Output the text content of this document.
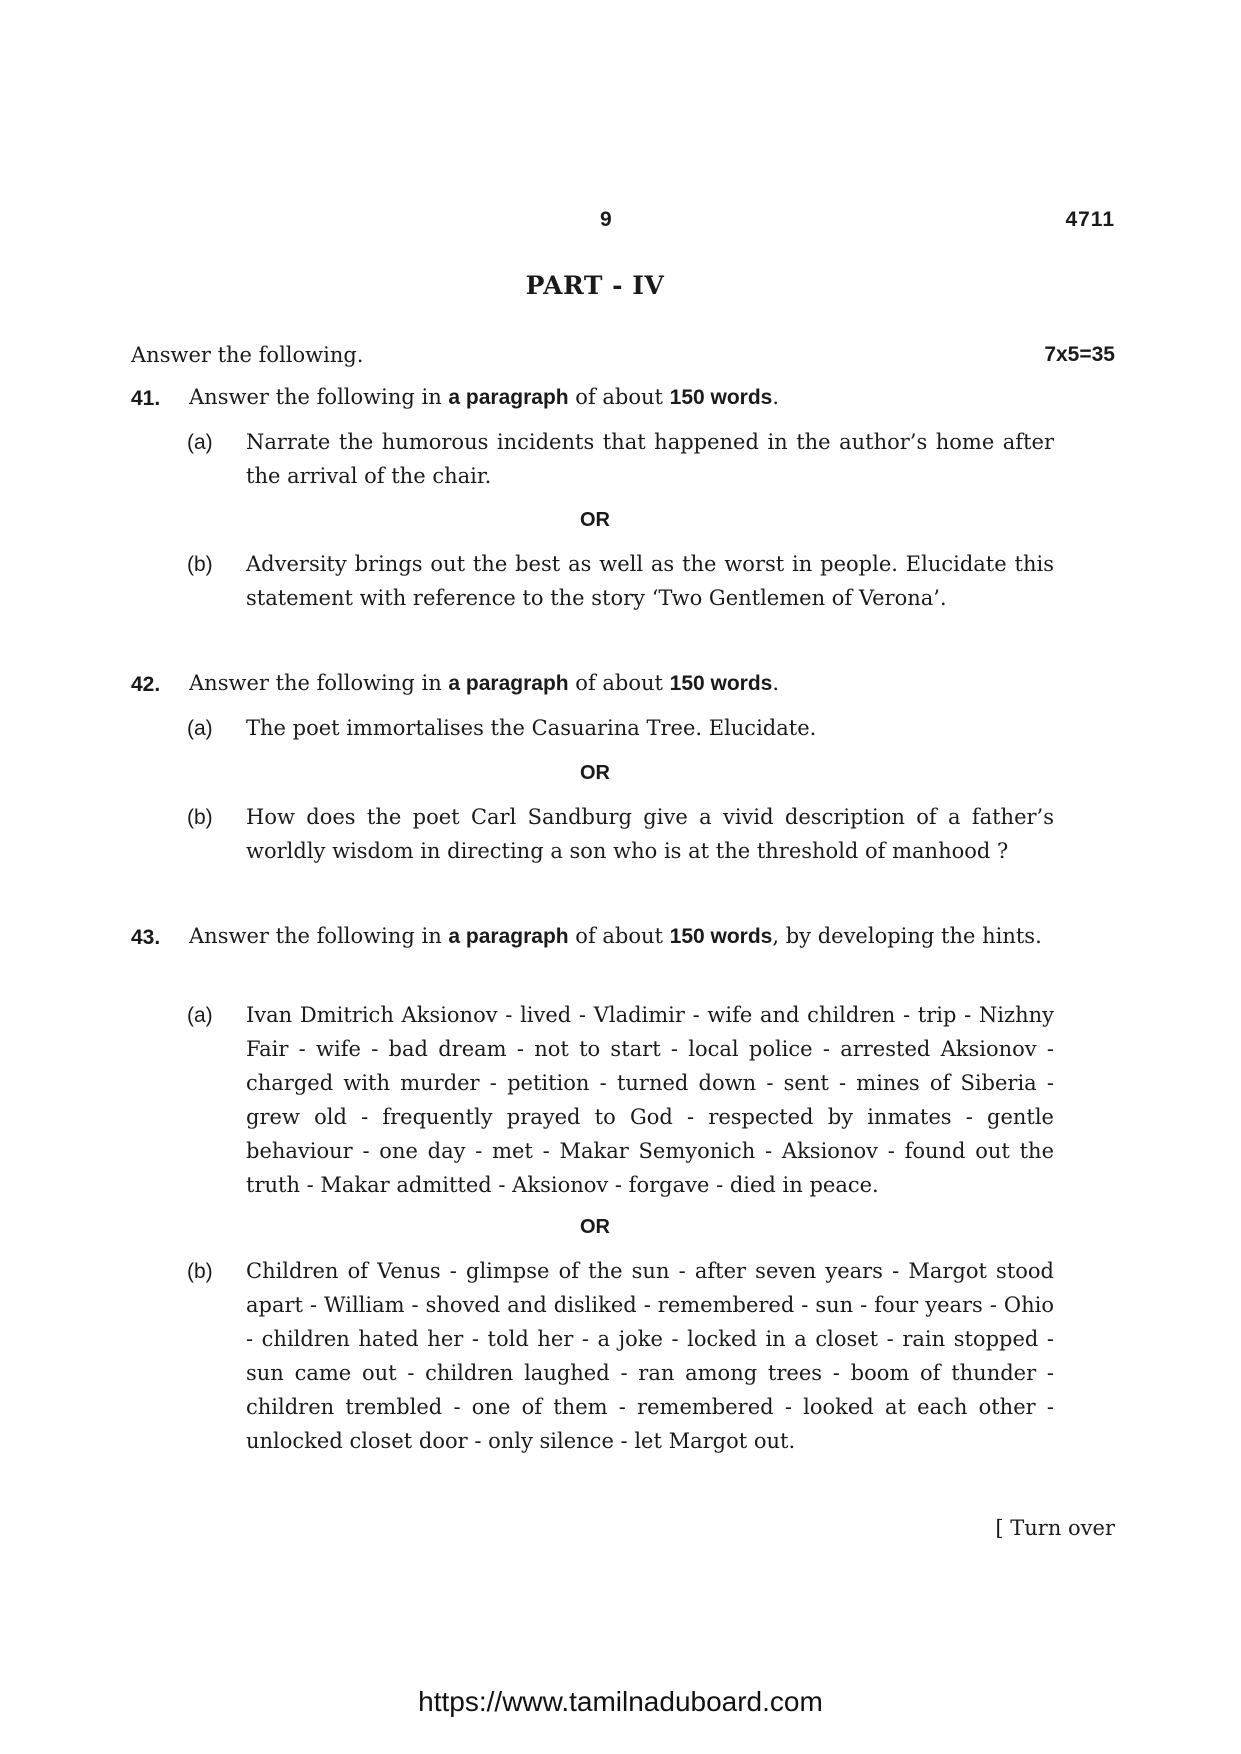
9	4711
PART - IV
Answer the following.	7x5=35
41. Answer the following in a paragraph of about 150 words.
(a) Narrate the humorous incidents that happened in the author’s home after the arrival of the chair.
OR
(b) Adversity brings out the best as well as the worst in people. Elucidate this statement with reference to the story ‘Two Gentlemen of Verona’.
42. Answer the following in a paragraph of about 150 words.
(a) The poet immortalises the Casuarina Tree. Elucidate.
OR
(b) How does the poet Carl Sandburg give a vivid description of a father’s worldly wisdom in directing a son who is at the threshold of manhood ?
43. Answer the following in a paragraph of about 150 words, by developing the hints.
(a) Ivan Dmitrich Aksionov - lived - Vladimir - wife and children - trip - Nizhny Fair - wife - bad dream - not to start - local police - arrested Aksionov - charged with murder - petition - turned down - sent - mines of Siberia - grew old - frequently prayed to God - respected by inmates - gentle behaviour - one day - met - Makar Semyonich - Aksionov - found out the truth - Makar admitted - Aksionov - forgave - died in peace.
OR
(b) Children of Venus - glimpse of the sun - after seven years - Margot stood apart - William - shoved and disliked - remembered - sun - four years - Ohio - children hated her - told her - a joke - locked in a closet - rain stopped - sun came out - children laughed - ran among trees - boom of thunder - children trembled - one of them - remembered - looked at each other - unlocked closet door - only silence - let Margot out.
[ Turn over
https://www.tamilnaduboard.com
